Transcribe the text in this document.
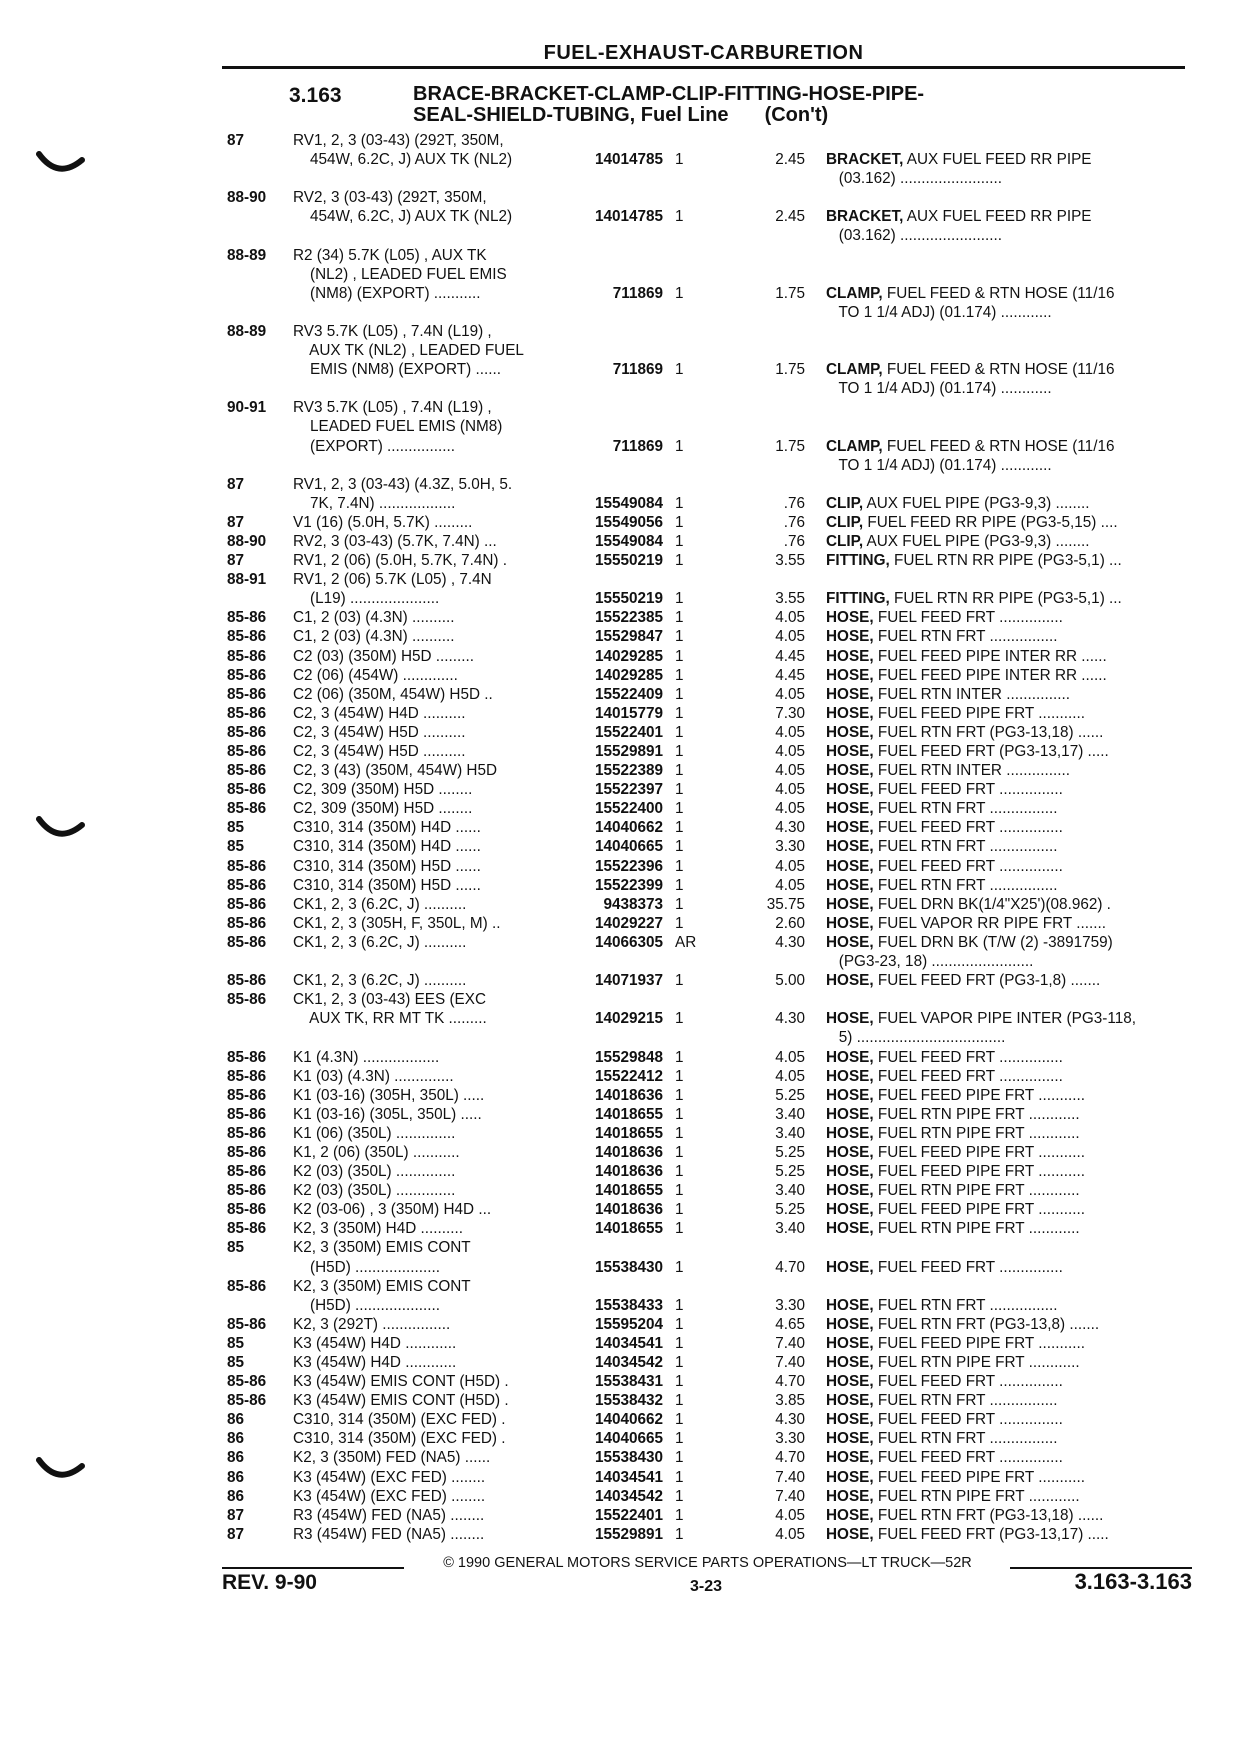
FUEL-EXHAUST-CARBURETION
3.163	BRACE-BRACKET-CLAMP-CLIP-FITTING-HOSE-PIPE-
SEAL-SHIELD-TUBING, Fuel Line (Con't)
87	RV1, 2, 3 (03-43) (292T, 350M,
454W, 6.2C, J) AUX TK (NL2)	14014785 1	2.45	BRACKET, AUX FUEL FEED RR PIPE
(03.162) ........................
88-90	RV2, 3 (03-43) (292T, 350M,
454W, 6.2C, J) AUX TK (NL2)	14014785 1	2.45	BRACKET, AUX FUEL FEED RR PIPE
(03.162) ........................
88-89	R2 (34) 5.7K (L05) , AUX TK
(NL2) , LEADED FUEL EMIS
(NM8) (EXPORT) ...........	711869 1	1.75	CLAMP, FUEL FEED & RTN HOSE (11/16
TO 1 1/4 ADJ) (01.174) ............
88-89	RV3 5.7K (L05) , 7.4N (L19) ,
AUX TK (NL2) , LEADED FUEL
EMIS (NM8) (EXPORT) ......	711869 1	1.75	CLAMP, FUEL FEED & RTN HOSE (11/16
TO 1 1/4 ADJ) (01.174) ............
90-91	RV3 5.7K (L05) , 7.4N (L19) ,
LEADED FUEL EMIS (NM8)
(EXPORT) ................	711869 1	1.75	CLAMP, FUEL FEED & RTN HOSE (11/16
TO 1 1/4 ADJ) (01.174) ............
87	RV1, 2, 3 (03-43) (4.3Z, 5.0H, 5.
7K, 7.4N) ..................	15549084 1	.76	CLIP, AUX FUEL PIPE (PG3-9,3) ........
87	V1 (16) (5.0H, 5.7K) .........	15549056 1	.76	CLIP, FUEL FEED RR PIPE (PG3-5,15) ....
88-90	RV2, 3 (03-43) (5.7K, 7.4N) ...	15549084 1	.76	CLIP, AUX FUEL PIPE (PG3-9,3) ........
87	RV1, 2 (06) (5.0H, 5.7K, 7.4N) .	15550219 1	3.55	FITTING, FUEL RTN RR PIPE (PG3-5,1) ...
88-91	RV1, 2 (06) 5.7K (L05) , 7.4N
(L19) .....................	15550219 1	3.55	FITTING, FUEL RTN RR PIPE (PG3-5,1) ...
85-86	C1, 2 (03) (4.3N) ..........	15522385 1	4.05	HOSE, FUEL FEED FRT ...............
85-86	C1, 2 (03) (4.3N) ..........	15529847 1	4.05	HOSE, FUEL RTN FRT ................
85-86	C2 (03) (350M) H5D .........	14029285 1	4.45	HOSE, FUEL FEED PIPE INTER RR ......
85-86	C2 (06) (454W) .............	14029285 1	4.45	HOSE, FUEL FEED PIPE INTER RR ......
85-86	C2 (06) (350M, 454W) H5D ..	15522409 1	4.05	HOSE, FUEL RTN INTER ...............
85-86	C2, 3 (454W) H4D ..........	14015779 1	7.30	HOSE, FUEL FEED PIPE FRT ...........
85-86	C2, 3 (454W) H5D ..........	15522401 1	4.05	HOSE, FUEL RTN FRT (PG3-13,18) ......
85-86	C2, 3 (454W) H5D ..........	15529891 1	4.05	HOSE, FUEL FEED FRT (PG3-13,17) .....
85-86	C2, 3 (43) (350M, 454W) H5D	15522389 1	4.05	HOSE, FUEL RTN INTER ...............
85-86	C2, 309 (350M) H5D ........	15522397 1	4.05	HOSE, FUEL FEED FRT ...............
85-86	C2, 309 (350M) H5D ........	15522400 1	4.05	HOSE, FUEL RTN FRT ................
85	C310, 314 (350M) H4D ......	14040662 1	4.30	HOSE, FUEL FEED FRT ...............
85	C310, 314 (350M) H4D ......	14040665 1	3.30	HOSE, FUEL RTN FRT ................
85-86	C310, 314 (350M) H5D ......	15522396 1	4.05	HOSE, FUEL FEED FRT ...............
85-86	C310, 314 (350M) H5D ......	15522399 1	4.05	HOSE, FUEL RTN FRT ................
85-86	CK1, 2, 3 (6.2C, J) ..........	9438373 1	35.75	HOSE, FUEL DRN BK(1/4"X25')(08.962) .
85-86	CK1, 2, 3 (305H, F, 350L, M) ..	14029227 1	2.60	HOSE, FUEL VAPOR RR PIPE FRT .......
85-86	CK1, 2, 3 (6.2C, J) ..........	14066305 AR	4.30	HOSE, FUEL DRN BK (T/W (2) -3891759)
(PG3-23, 18) ........................
85-86	CK1, 2, 3 (6.2C, J) ..........	14071937 1	5.00	HOSE, FUEL FEED FRT (PG3-1,8) .......
85-86	CK1, 2, 3 (03-43) EES (EXC
AUX TK, RR MT TK .........	14029215 1	4.30	HOSE, FUEL VAPOR PIPE INTER (PG3-118,
5) ...................................
85-86	K1 (4.3N) ..................	15529848 1	4.05	HOSE, FUEL FEED FRT ...............
85-86	K1 (03) (4.3N) ..............	15522412 1	4.05	HOSE, FUEL FEED FRT ...............
85-86	K1 (03-16) (305H, 350L) .....	14018636 1	5.25	HOSE, FUEL FEED PIPE FRT ...........
85-86	K1 (03-16) (305L, 350L) .....	14018655 1	3.40	HOSE, FUEL RTN PIPE FRT ............
85-86	K1 (06) (350L) ..............	14018655 1	3.40	HOSE, FUEL RTN PIPE FRT ............
85-86	K1, 2 (06) (350L) ...........	14018636 1	5.25	HOSE, FUEL FEED PIPE FRT ...........
85-86	K2 (03) (350L) ..............	14018636 1	5.25	HOSE, FUEL FEED PIPE FRT ...........
85-86	K2 (03) (350L) ..............	14018655 1	3.40	HOSE, FUEL RTN PIPE FRT ............
85-86	K2 (03-06) , 3 (350M) H4D ...	14018636 1	5.25	HOSE, FUEL FEED PIPE FRT ...........
85-86	K2, 3 (350M) H4D ..........	14018655 1	3.40	HOSE, FUEL RTN PIPE FRT ............
85	K2, 3 (350M) EMIS CONT
(H5D) ....................	15538430 1	4.70	HOSE, FUEL FEED FRT ...............
85-86	K2, 3 (350M) EMIS CONT
(H5D) ....................	15538433 1	3.30	HOSE, FUEL RTN FRT ................
85-86	K2, 3 (292T) ................	15595204 1	4.65	HOSE, FUEL RTN FRT (PG3-13,8) .......
85	K3 (454W) H4D ............	14034541 1	7.40	HOSE, FUEL FEED PIPE FRT ...........
85	K3 (454W) H4D ............	14034542 1	7.40	HOSE, FUEL RTN PIPE FRT ............
85-86	K3 (454W) EMIS CONT (H5D) .	15538431 1	4.70	HOSE, FUEL FEED FRT ...............
85-86	K3 (454W) EMIS CONT (H5D) .	15538432 1	3.85	HOSE, FUEL RTN FRT ................
86	C310, 314 (350M) (EXC FED) .	14040662 1	4.30	HOSE, FUEL FEED FRT ...............
86	C310, 314 (350M) (EXC FED) .	14040665 1	3.30	HOSE, FUEL RTN FRT ................
86	K2, 3 (350M) FED (NA5) ......	15538430 1	4.70	HOSE, FUEL FEED FRT ...............
86	K3 (454W) (EXC FED) ........	14034541 1	7.40	HOSE, FUEL FEED PIPE FRT ...........
86	K3 (454W) (EXC FED) ........	14034542 1	7.40	HOSE, FUEL RTN PIPE FRT ............
87	R3 (454W) FED (NA5) ........	15522401 1	4.05	HOSE, FUEL RTN FRT (PG3-13,18) ......
87	R3 (454W) FED (NA5) ........	15529891 1	4.05	HOSE, FUEL FEED FRT (PG3-13,17) .....
© 1990 GENERAL MOTORS SERVICE PARTS OPERATIONS—LT TRUCK—52R
REV. 9-90	3-23	3.163-3.163
